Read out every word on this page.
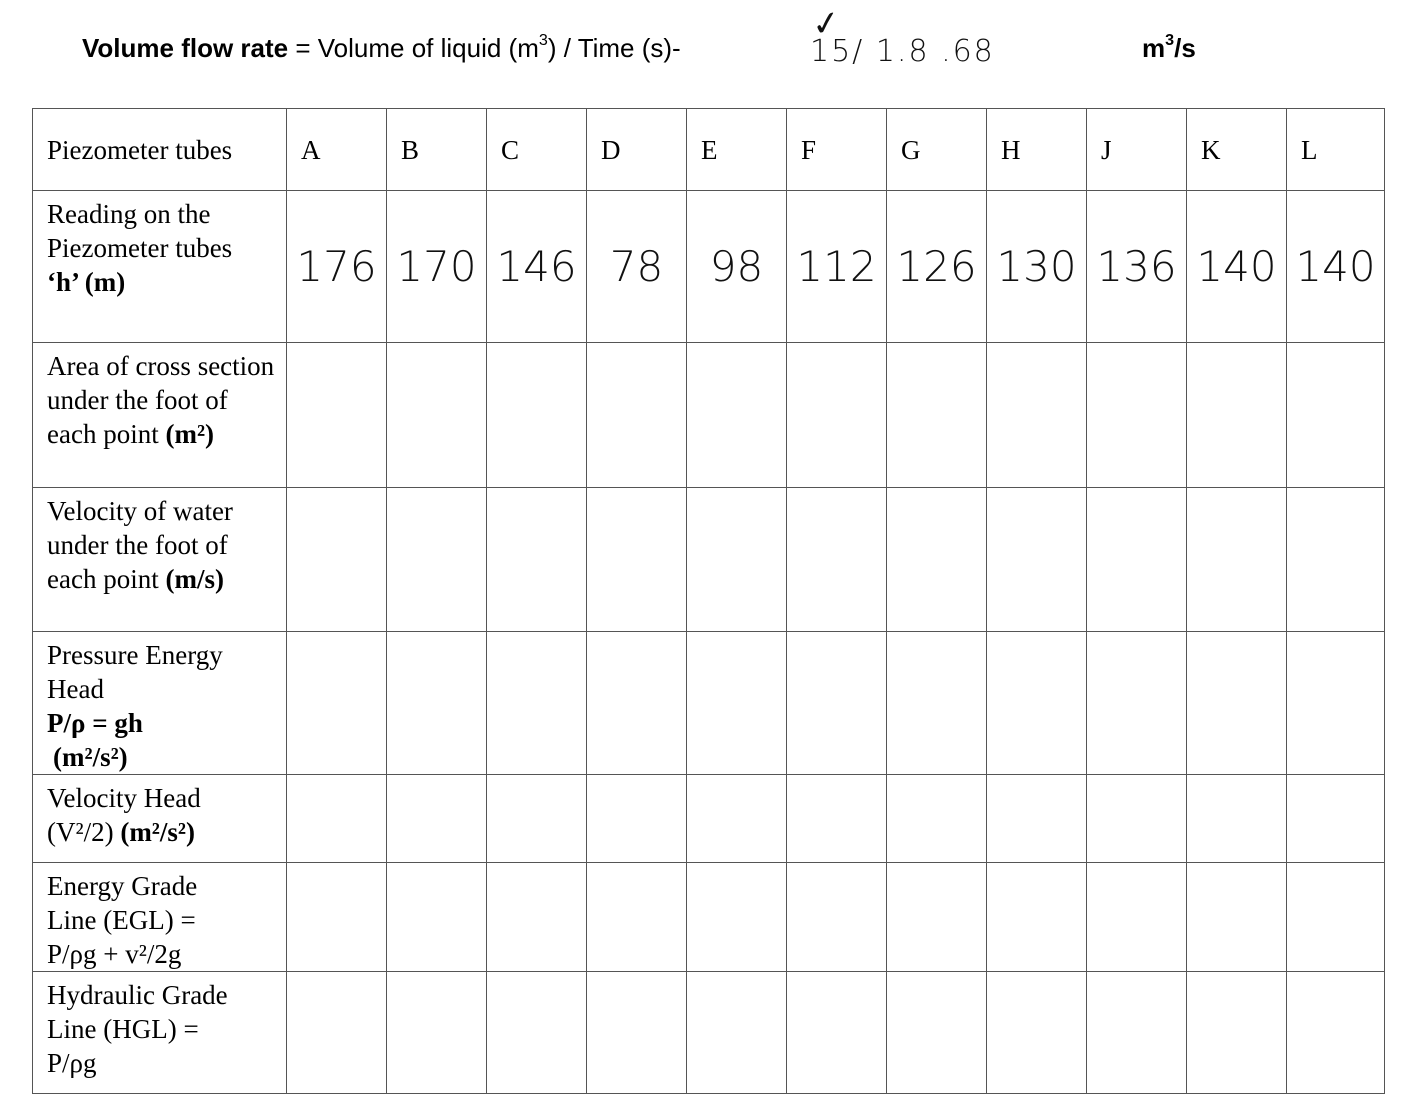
Volume flow rate = Volume of liquid $(m^3)$ / Time (s)-
✓
15/ 1.8 .68	$m^3/s$
Piezometer tubes	A	B	C	D	E	F	G	H	J	K	L

Reading on the
Piezometer tubes
‘h’ (m)	176	170	146	78	98	112	126	130	136	140	140
Area of cross section under the foot of each point (m²)											
Velocity of water under the foot of each point (m/s)											

Pressure Energy
Head
P/ρ = gh
(m²/s²)											

Velocity Head
(V²/2) (m²/s²)											

Energy Grade
Line (EGL) =
P/ρg + v²/2g											

Hydraulic Grade
Line (HGL) =
P/ρg											
